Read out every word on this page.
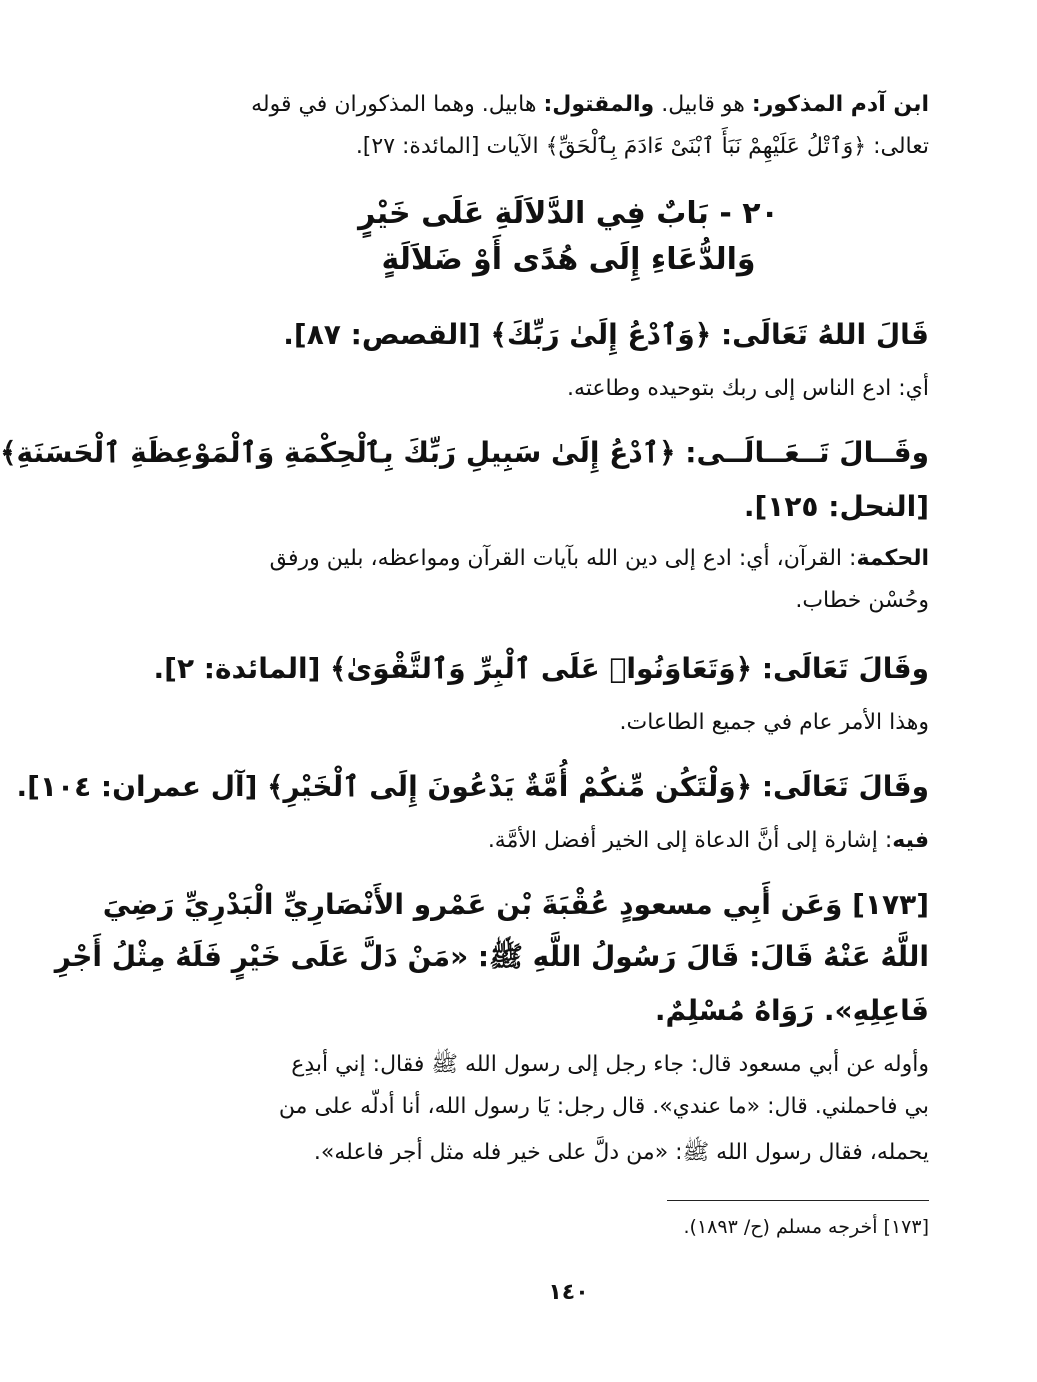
ابن آدم المذكور: هو قابيل. والمقتول: هابيل. وهما المذكوران في قوله
تعالى: ﴿وَٱتْلُ عَلَيْهِمْ نَبَأَ ٱبْنَىْ ءَادَمَ بِٱلْحَقِّ﴾ الآيات [المائدة: ٢٧].
٢٠ - بَابٌ فِي الدَّلاَلَةِ عَلَى خَيْرٍ
وَالدُّعَاءِ إِلَى هُدًى أَوْ ضَلاَلَةٍ
قَالَ اللهُ تَعَالَى: ﴿وَٱدْعُ إِلَىٰ رَبِّكَ﴾ [القصص: ٨٧].
أي: ادع الناس إلى ربك بتوحيده وطاعته.
وقَــالَ تَــعَــالَــى: ﴿ٱدْعُ إِلَىٰ سَبِيلِ رَبِّكَ بِٱلْحِكْمَةِ وَٱلْمَوْعِظَةِ ٱلْحَسَنَةِ﴾
[النحل: ١٢٥].
الحكمة: القرآن، أي: ادع إلى دين الله بآيات القرآن ومواعظه، بلين ورفق
وحُسْن خطاب.
وقَالَ تَعَالَى: ﴿وَتَعَاوَنُوا۟ عَلَى ٱلْبِرِّ وَٱلتَّقْوَىٰ﴾ [المائدة: ٢].
وهذا الأمر عام في جميع الطاعات.
وقَالَ تَعَالَى: ﴿وَلْتَكُن مِّنكُمْ أُمَّةٌ يَدْعُونَ إِلَى ٱلْخَيْرِ﴾ [آل عمران: ١٠٤].
فيه: إشارة إلى أنَّ الدعاة إلى الخير أفضل الأمَّة.
[١٧٣] وَعَن أَبِي مسعودٍ عُقْبَةَ بْن عَمْرو الأَنْصَارِيِّ الْبَدْرِيِّ رَضِيَ
اللَّهُ عَنْهُ قَالَ: قَالَ رَسُولُ اللَّهِ ﷺ: «مَنْ دَلَّ عَلَى خَيْرٍ فَلَهُ مِثْلُ أَجْرِ
فَاعِلِهِ». رَوَاهُ مُسْلِمٌ.
وأوله عن أبي مسعود قال: جاء رجل إلى رسول الله ﷺ فقال: إني أبدِع
بي فاحملني. قال: «ما عندي». قال رجل: يَا رسول الله، أنا أدلّه على من
يحمله، فقال رسول الله ﷺ: «من دلَّ على خير فله مثل أجر فاعله».
[١٧٣] أخرجه مسلم (ح/ ١٨٩٣).
١٤٠
